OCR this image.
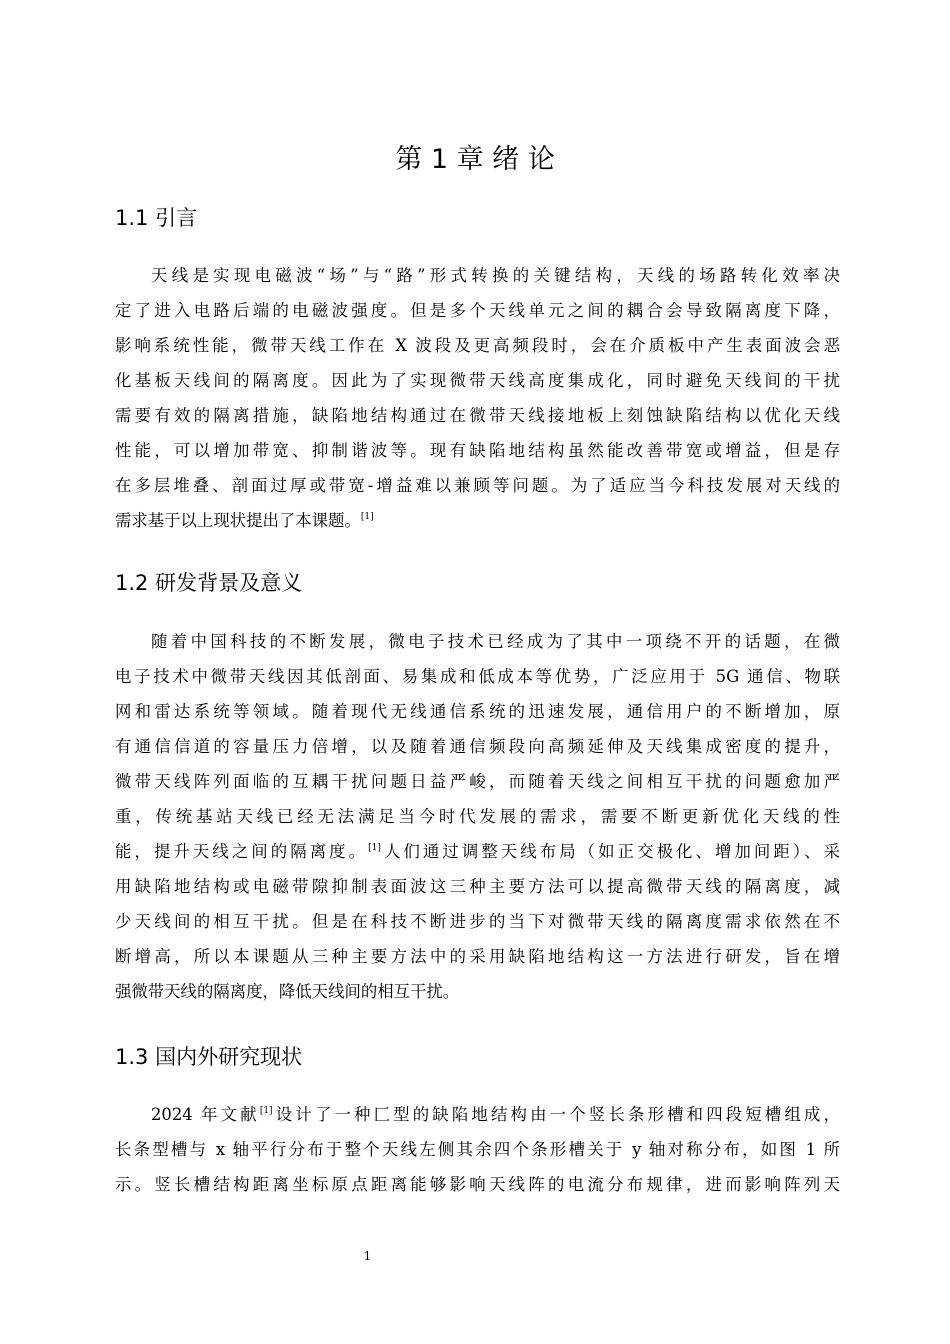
第 1 章 绪 论
1.1 引言
天线是实现电磁波“场”与“路”形式转换的关键结构，天线的场路转化效率决
定了进入电路后端的电磁波强度。但是多个天线单元之间的耦合会导致隔离度下降，
影响系统性能，微带天线工作在 X 波段及更高频段时，会在介质板中产生表面波会恶
化基板天线间的隔离度。因此为了实现微带天线高度集成化，同时避免天线间的干扰
需要有效的隔离措施，缺陷地结构通过在微带天线接地板上刻蚀缺陷结构以优化天线
性能，可以增加带宽、抑制谐波等。现有缺陷地结构虽然能改善带宽或增益，但是存
在多层堆叠、剖面过厚或带宽-增益难以兼顾等问题。为了适应当今科技发展对天线的
需求基于以上现状提出了本课题。[1]
1.2 研发背景及意义
随着中国科技的不断发展，微电子技术已经成为了其中一项绕不开的话题，在微
电子技术中微带天线因其低剖面、易集成和低成本等优势，广泛应用于 5G 通信、物联
网和雷达系统等领域。随着现代无线通信系统的迅速发展，通信用户的不断增加，原
有通信信道的容量压力倍增，以及随着通信频段向高频延伸及天线集成密度的提升，
微带天线阵列面临的互耦干扰问题日益严峻，而随着天线之间相互干扰的问题愈加严
重，传统基站天线已经无法满足当今时代发展的需求，需要不断更新优化天线的性
能，提升天线之间的隔离度。[1]人们通过调整天线布局（如正交极化、增加间距）、采
用缺陷地结构或电磁带隙抑制表面波这三种主要方法可以提高微带天线的隔离度，减
少天线间的相互干扰。但是在科技不断进步的当下对微带天线的隔离度需求依然在不
断增高，所以本课题从三种主要方法中的采用缺陷地结构这一方法进行研发，旨在增
强微带天线的隔离度，降低天线间的相互干扰。
1.3 国内外研究现状
2024 年文献[1]设计了一种匚型的缺陷地结构由一个竖长条形槽和四段短槽组成，
长条型槽与 x 轴平行分布于整个天线左侧其余四个条形槽关于 y 轴对称分布，如图 1 所
示。竖长槽结构距离坐标原点距离能够影响天线阵的电流分布规律，进而影响阵列天
1
